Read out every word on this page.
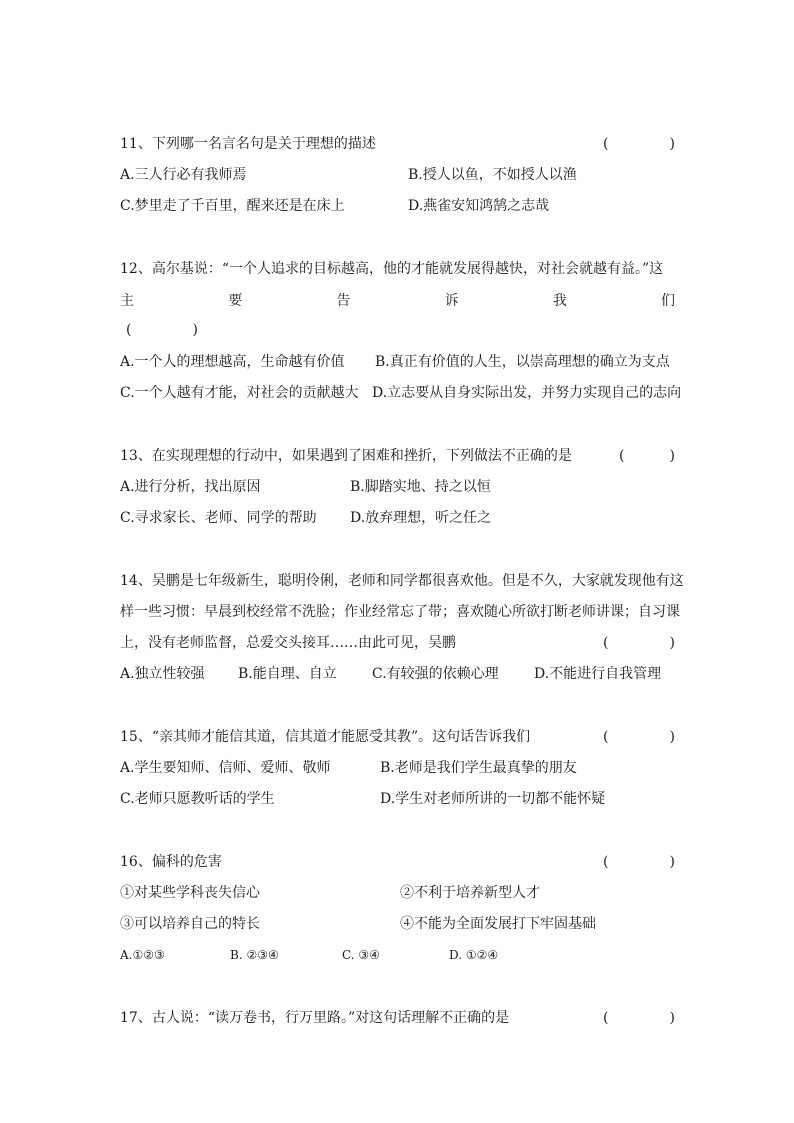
11、下列哪一名言名句是关于理想的描述	(	)
A.三人行必有我师焉	B.授人以鱼，不如授人以渔
C.梦里走了千百里，醒来还是在床上	D.燕雀安知鸿鹄之志哉
12、高尔基说：“一个人追求的目标越高，他的才能就发展得越快，对社会就越有益。”这
主	要	告	诉	我	们
(	)
A.一个人的理想越高，生命越有价值 B.真正有价值的人生，以崇高理想的确立为支点
C.一个人越有才能，对社会的贡献越大 D.立志要从自身实际出发，并努力实现自己的志向
13、在实现理想的行动中，如果遇到了困难和挫折，下列做法不正确的是	(	)
A.进行分析，找出原因	B.脚踏实地、持之以恒
C.寻求家长、老师、同学的帮助 D.放弃理想，听之任之
14、吴鹏是七年级新生，聪明伶俐，老师和同学都很喜欢他。但是不久，大家就发现他有这
样一些习惯：早晨到校经常不洗脸；作业经常忘了带；喜欢随心所欲打断老师讲课；自习课
上，没有老师监督，总爱交头接耳……由此可见，吴鹏	(	)
A.独立性较强 B.能自理、自立	C.有较强的依赖心理	D.不能进行自我管理
15、“亲其师才能信其道，信其道才能愿受其教”。这句话告诉我们	(	)
A.学生要知师、信师、爱师、敬师	B.老师是我们学生最真挚的朋友
C.老师只愿教听话的学生	D.学生对老师所讲的一切都不能怀疑
16、偏科的危害	(	)
①对某些学科丧失信心	②不利于培养新型人才
③可以培养自己的特长	④不能为全面发展打下牢固基础
A.①②③	B. ②③④	C. ③④	D. ①②④
17、古人说：“读万卷书，行万里路。”对这句话理解不正确的是	(	)
